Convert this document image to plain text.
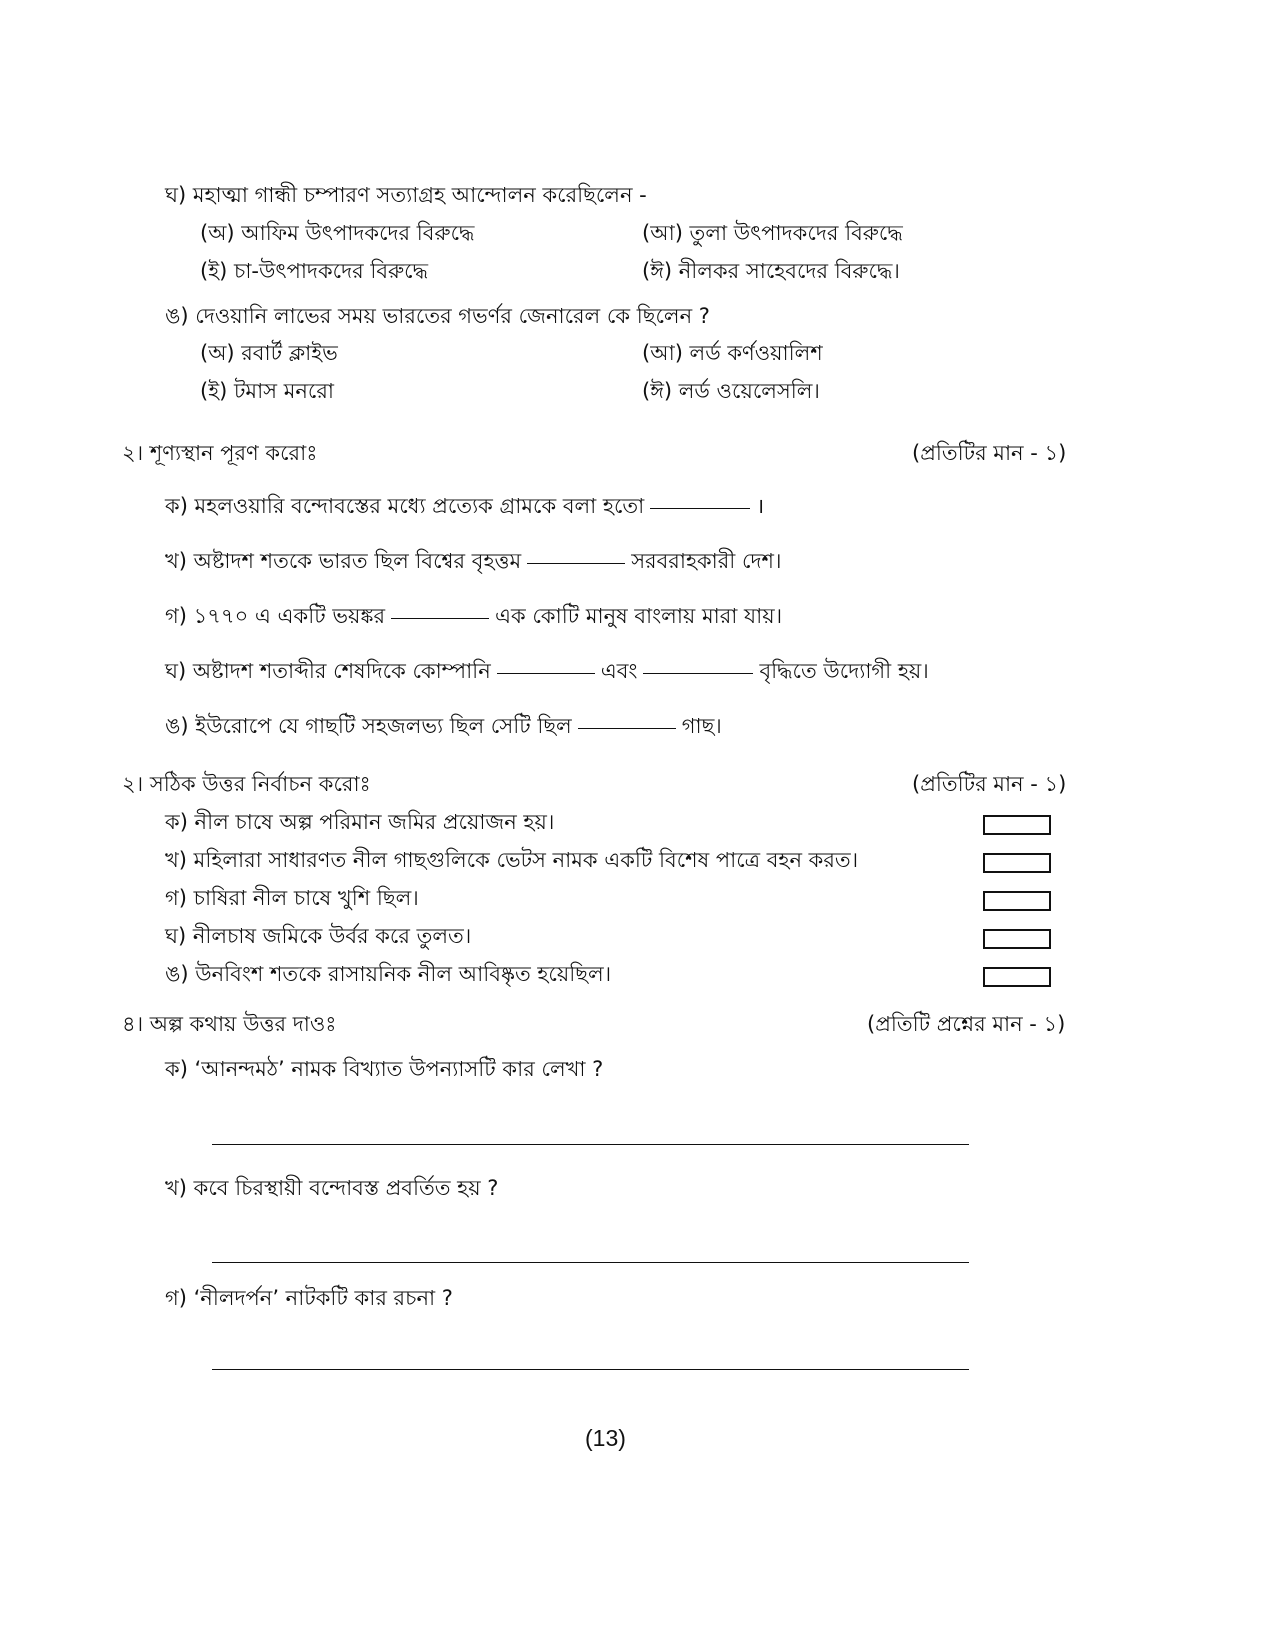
ঘ) মহাত্মা গান্ধী চম্পারণ সত্যাগ্রহ আন্দোলন করেছিলেন -
(অ) আফিম উৎপাদকদের বিরুদ্ধে	(আ) তুলা উৎপাদকদের বিরুদ্ধে
(ই) চা-উৎপাদকদের বিরুদ্ধে	(ঈ) নীলকর সাহেবদের বিরুদ্ধে।
ঙ) দেওয়ানি লাভের সময় ভারতের গভর্ণর জেনারেল কে ছিলেন ?
(অ) রবার্ট ক্লাইভ	(আ) লর্ড কর্ণওয়ালিশ
(ই) টমাস মনরো	(ঈ) লর্ড ওয়েলেসলি।
২। শূণ্যস্থান পূরণ করোঃ	(প্রতিটির মান - ১)
ক) মহলওয়ারি বন্দোবস্তের মধ্যে প্রত্যেক গ্রামকে বলা হতো	।
খ) অষ্টাদশ শতকে ভারত ছিল বিশ্বের বৃহত্তম	সরবরাহকারী দেশ।
গ) ১৭৭০ এ একটি ভয়ঙ্কর	এক কোটি মানুষ বাংলায় মারা যায়।
ঘ) অষ্টাদশ শতাব্দীর শেষদিকে কোম্পানি	এবং	বৃদ্ধিতে উদ্যোগী হয়।
ঙ) ইউরোপে যে গাছটি সহজলভ্য ছিল সেটি ছিল	গাছ।
২। সঠিক উত্তর নির্বাচন করোঃ	(প্রতিটির মান - ১)
ক) নীল চাষে অল্প পরিমান জমির প্রয়োজন হয়।
খ) মহিলারা সাধারণত নীল গাছগুলিকে ভেটস নামক একটি বিশেষ পাত্রে বহন করত।
গ) চাষিরা নীল চাষে খুশি ছিল।
ঘ) নীলচাষ জমিকে উর্বর করে তুলত।
ঙ) উনবিংশ শতকে রাসায়নিক নীল আবিষ্কৃত হয়েছিল।
৪। অল্প কথায় উত্তর দাওঃ	(প্রতিটি প্রশ্নের মান - ১)
ক) ‘আনন্দমঠ’ নামক বিখ্যাত উপন্যাসটি কার লেখা ?
খ) কবে চিরস্থায়ী বন্দোবস্ত প্রবর্তিত হয় ?
গ) ‘নীলদর্পন’ নাটকটি কার রচনা ?
(13)
